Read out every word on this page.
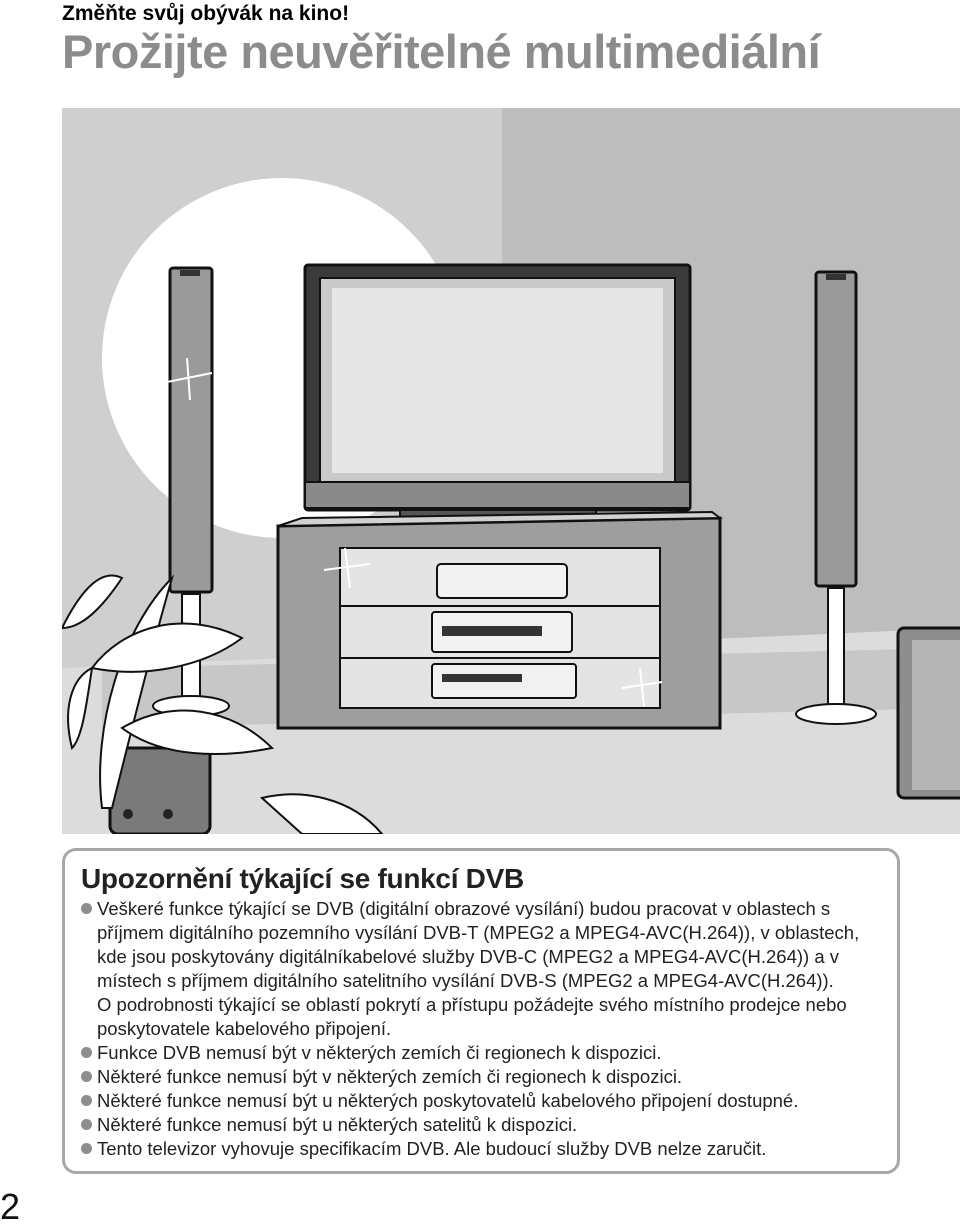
Změňte svůj obývák na kino!

Prožijte neuvěřitelné multimediální
Upozornění týkající se funkcí DVB
Veškeré funkce týkající se DVB (digitální obrazové vysílání) budou pracovat v oblastech s příjmem digitálního pozemního vysílání DVB-T (MPEG2 a MPEG4-AVC(H.264)), v oblastech, kde jsou poskytovány digitálníkabelové služby DVB-C (MPEG2 a MPEG4-AVC(H.264)) a v místech s příjmem digitálního satelitního vysílání DVB-S (MPEG2 a MPEG4-AVC(H.264)).
O podrobnosti týkající se oblastí pokrytí a přístupu požádejte svého místního prodejce nebo poskytovatele kabelového připojení.
Funkce DVB nemusí být v některých zemích či regionech k dispozici.
Některé funkce nemusí být v některých zemích či regionech k dispozici.
Některé funkce nemusí být u některých poskytovatelů kabelového připojení dostupné.
Některé funkce nemusí být u některých satelitů k dispozici.
Tento televizor vyhovuje specifikacím DVB. Ale budoucí služby DVB nelze zaručit.
2
